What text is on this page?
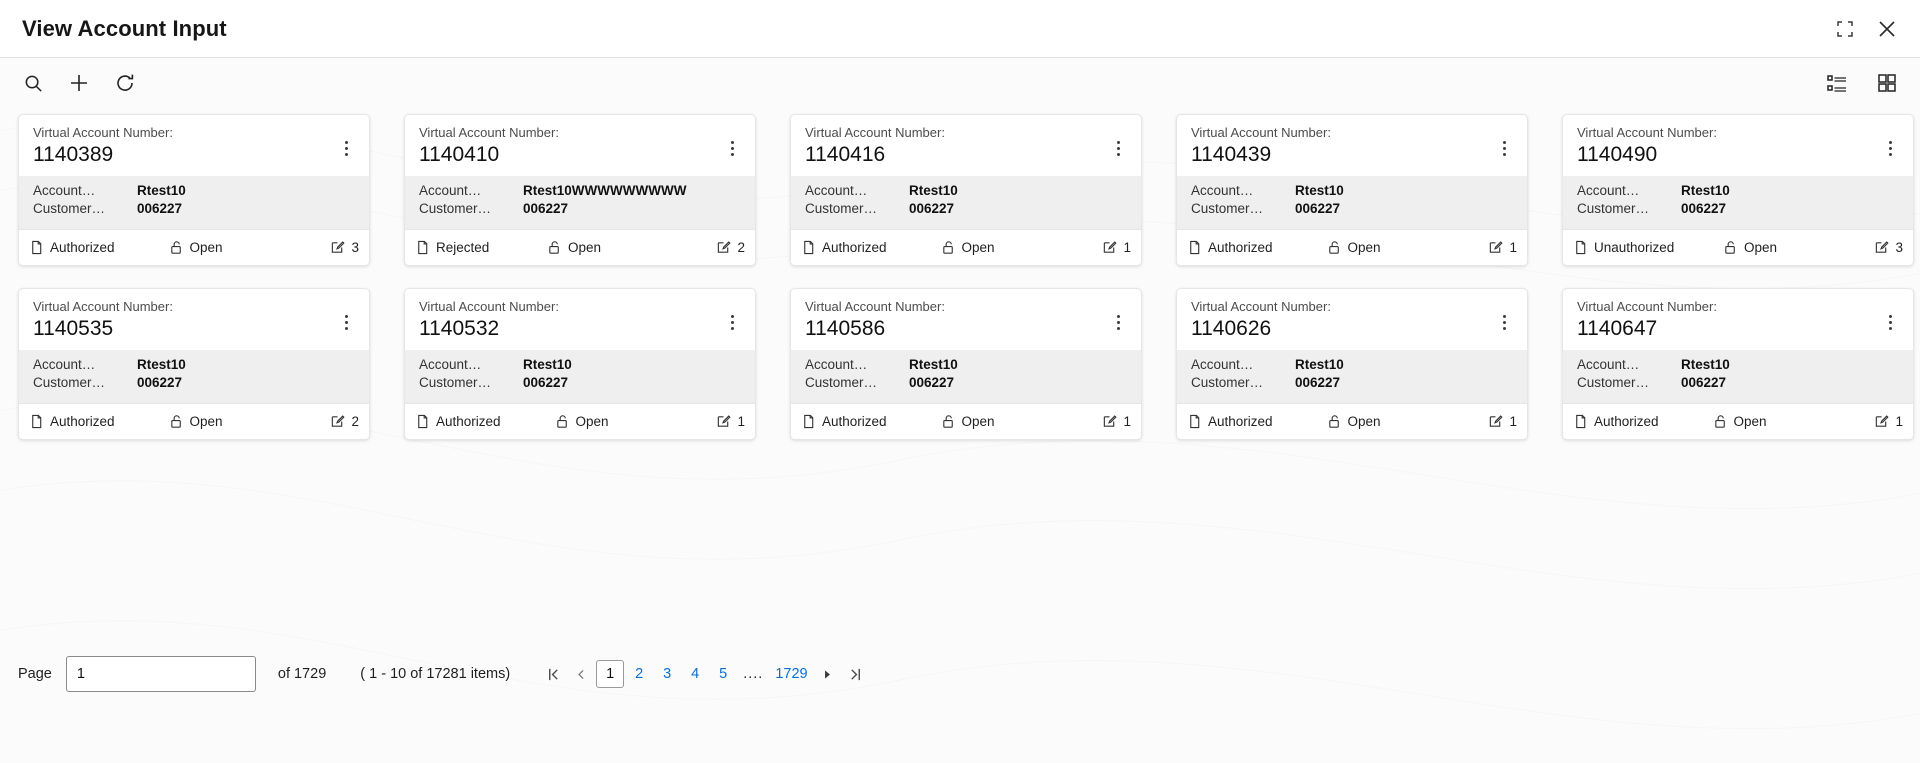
View Account Input
Virtual Account Number:
1140389
Account…	Rtest10
Customer…	006227
Authorized	Open	3
Virtual Account Number:
1140410
Account…	Rtest10WWWWWWWWW
Customer…	006227
Rejected	Open	2
Virtual Account Number:
1140416
Account…	Rtest10
Customer…	006227
Authorized	Open	1
Virtual Account Number:
1140439
Account…	Rtest10
Customer…	006227
Authorized	Open	1
Virtual Account Number:
1140490
Account…	Rtest10
Customer…	006227
Unauthorized	Open	3
Virtual Account Number:
1140535
Account…	Rtest10
Customer…	006227
Authorized	Open	2
Virtual Account Number:
1140532
Account…	Rtest10
Customer…	006227
Authorized	Open	1
Virtual Account Number:
1140586
Account…	Rtest10
Customer…	006227
Authorized	Open	1
Virtual Account Number:
1140626
Account…	Rtest10
Customer…	006227
Authorized	Open	1
Virtual Account Number:
1140647
Account…	Rtest10
Customer…	006227
Authorized	Open	1
Page
1	of 1729 ( 1 - 10 of 17281 items)	1	2	3	4	5	.... 1729
